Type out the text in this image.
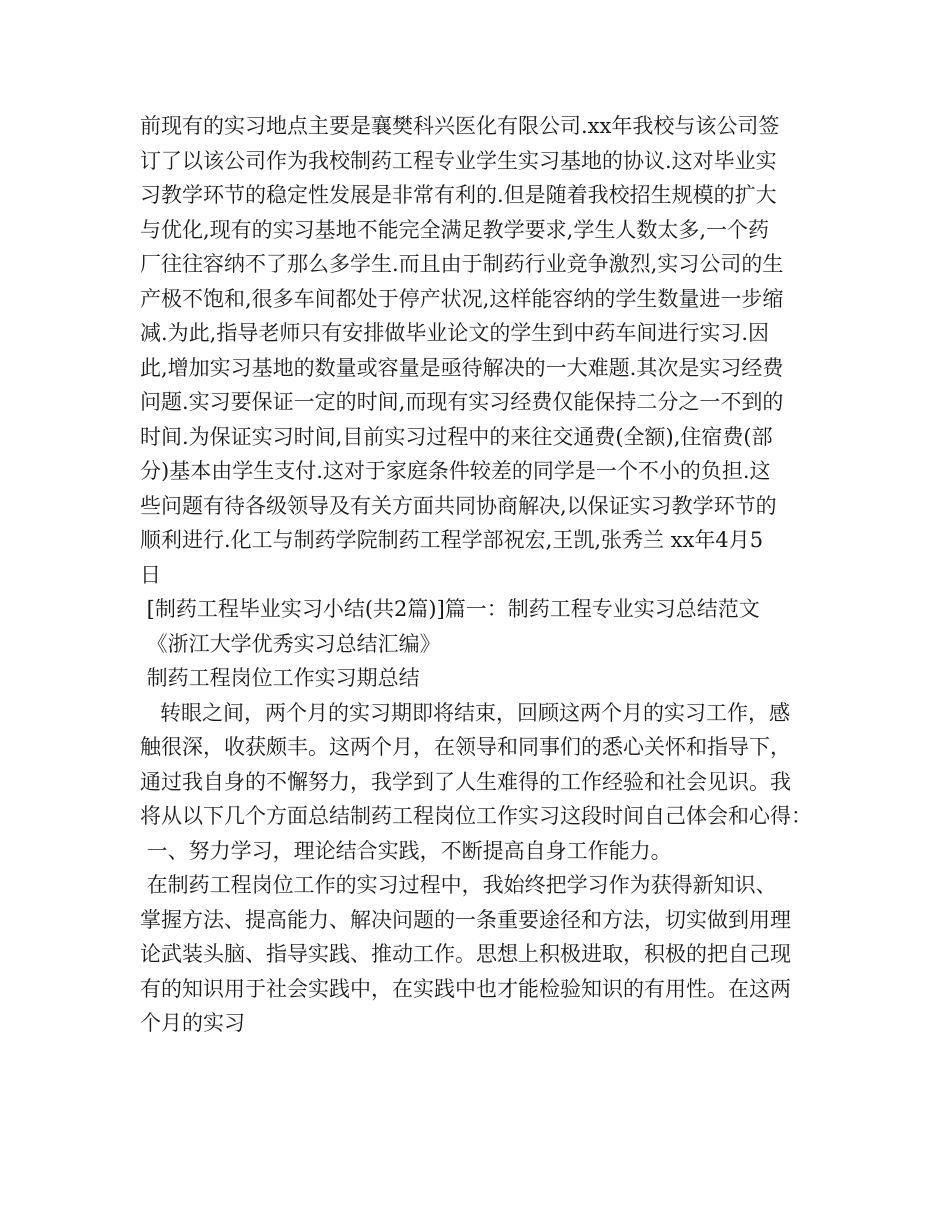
前现有的实习地点主要是襄樊科兴医化有限公司.xx年我校与该公司签
订了以该公司作为我校制药工程专业学生实习基地的协议.这对毕业实
习教学环节的稳定性发展是非常有利的.但是随着我校招生规模的扩大
与优化,现有的实习基地不能完全满足教学要求,学生人数太多,一个药
厂往往容纳不了那么多学生.而且由于制药行业竞争激烈,实习公司的生
产极不饱和,很多车间都处于停产状况,这样能容纳的学生数量进一步缩
减.为此,指导老师只有安排做毕业论文的学生到中药车间进行实习.因
此,增加实习基地的数量或容量是亟待解决的一大难题.其次是实习经费
问题.实习要保证一定的时间,而现有实习经费仅能保持二分之一不到的
时间.为保证实习时间,目前实习过程中的来往交通费(全额),住宿费(部
分)基本由学生支付.这对于家庭条件较差的同学是一个不小的负担.这
些问题有待各级领导及有关方面共同协商解决,以保证实习教学环节的
顺利进行.化工与制药学院制药工程学部祝宏,王凯,张秀兰 xx年4月5
日
[制药工程毕业实习小结(共2篇)]篇一：制药工程专业实习总结范文
《浙江大学优秀实习总结汇编》
制药工程岗位工作实习期总结
转眼之间，两个月的实习期即将结束，回顾这两个月的实习工作，感
触很深，收获颇丰。这两个月，在领导和同事们的悉心关怀和指导下，
通过我自身的不懈努力，我学到了人生难得的工作经验和社会见识。我
将从以下几个方面总结制药工程岗位工作实习这段时间自己体会和心得：
一、努力学习，理论结合实践，不断提高自身工作能力。
在制药工程岗位工作的实习过程中，我始终把学习作为获得新知识、
掌握方法、提高能力、解决问题的一条重要途径和方法，切实做到用理
论武装头脑、指导实践、推动工作。思想上积极进取，积极的把自己现
有的知识用于社会实践中，在实践中也才能检验知识的有用性。在这两
个月的实习
